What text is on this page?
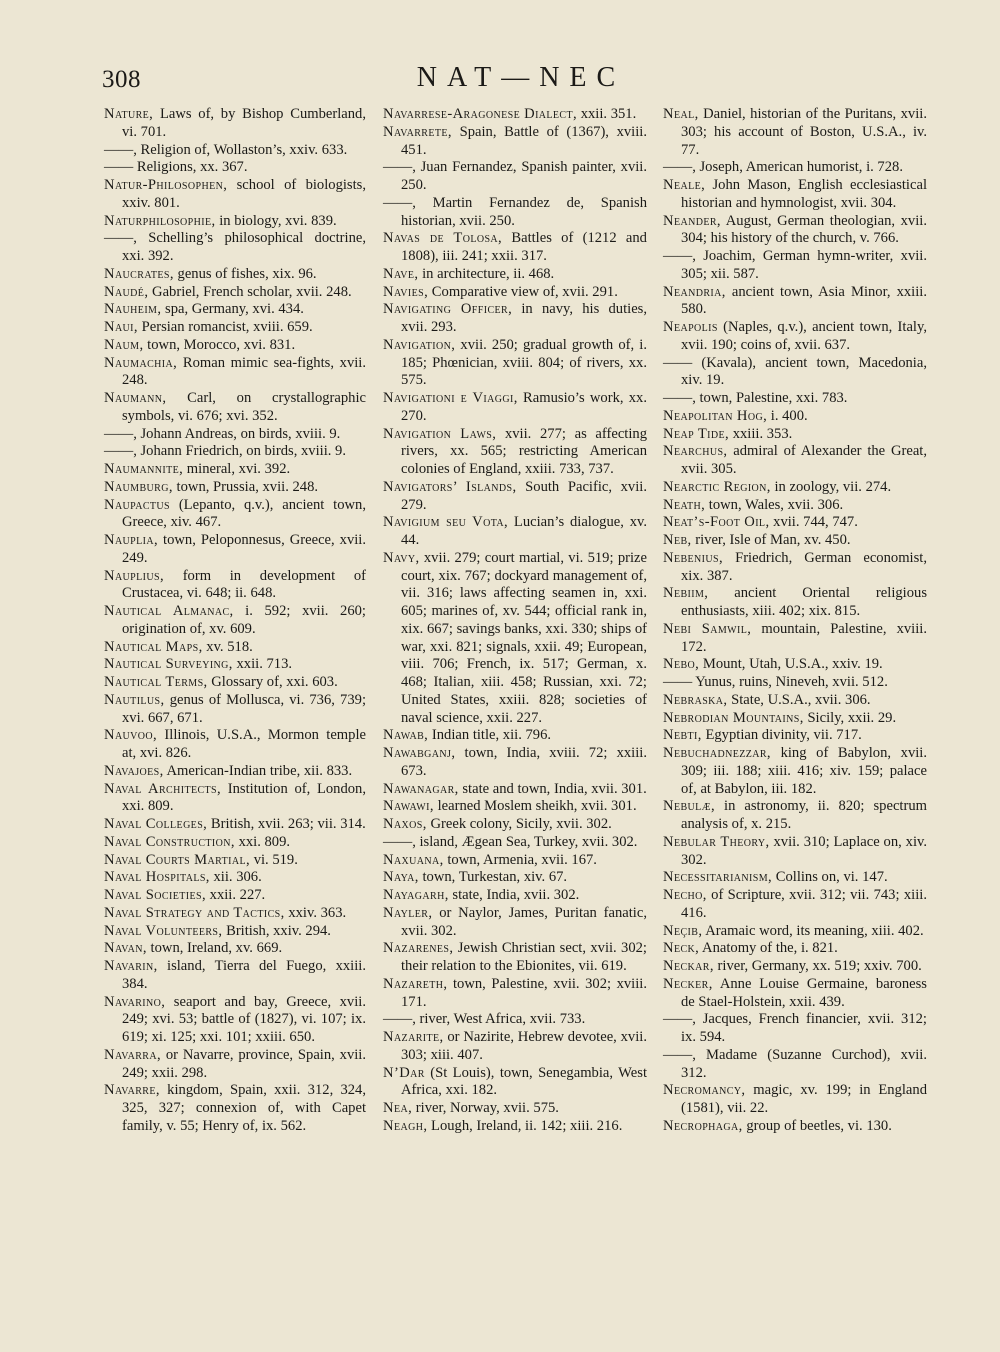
308	NAT—NEC

Nature, Laws of, by Bishop Cumberland, vi. 701.

——, Religion of, Wollaston’s, xxiv. 633.

—— Religions, xx. 367.

Natur-Philosophen, school of biologists, xxiv. 801.

Naturphilosophie, in biology, xvi. 839.

——, Schelling’s philosophical doctrine, xxi. 392.

Naucrates, genus of fishes, xix. 96.

Naudé, Gabriel, French scholar, xvii. 248.

Nauheim, spa, Germany, xvi. 434.

Naui, Persian romancist, xviii. 659.

Naum, town, Morocco, xvi. 831.

Naumachia, Roman mimic sea-fights, xvii. 248.

Naumann, Carl, on crystallographic symbols, vi. 676; xvi. 352.

——, Johann Andreas, on birds, xviii. 9.

——, Johann Friedrich, on birds, xviii. 9.

Naumannite, mineral, xvi. 392.

Naumburg, town, Prussia, xvii. 248.

Naupactus (Lepanto, q.v.), ancient town, Greece, xiv. 467.

Nauplia, town, Peloponnesus, Greece, xvii. 249.

Nauplius, form in development of Crustacea, vi. 648; ii. 648.

Nautical Almanac, i. 592; xvii. 260; origination of, xv. 609.

Nautical Maps, xv. 518.

Nautical Surveying, xxii. 713.

Nautical Terms, Glossary of, xxi. 603.

Nautilus, genus of Mollusca, vi. 736, 739; xvi. 667, 671.

Nauvoo, Illinois, U.S.A., Mormon temple at, xvi. 826.

Navajoes, American-Indian tribe, xii. 833.

Naval Architects, Institution of, London, xxi. 809.

Naval Colleges, British, xvii. 263; vii. 314.

Naval Construction, xxi. 809.

Naval Courts Martial, vi. 519.

Naval Hospitals, xii. 306.

Naval Societies, xxii. 227.

Naval Strategy and Tactics, xxiv. 363.

Naval Volunteers, British, xxiv. 294.

Navan, town, Ireland, xv. 669.

Navarin, island, Tierra del Fuego, xxiii. 384.

Navarino, seaport and bay, Greece, xvii. 249; xvi. 53; battle of (1827), vi. 107; ix. 619; xi. 125; xxi. 101; xxiii. 650.

Navarra, or Navarre, province, Spain, xvii. 249; xxii. 298.

Navarre, kingdom, Spain, xxii. 312, 324, 325, 327; connexion of, with Capet family, v. 55; Henry of, ix. 562.

Navarrese-Aragonese Dialect, xxii. 351.

Navarrete, Spain, Battle of (1367), xviii. 451.

——, Juan Fernandez, Spanish painter, xvii. 250.

——, Martin Fernandez de, Spanish historian, xvii. 250.

Navas de Tolosa, Battles of (1212 and 1808), iii. 241; xxii. 317.

Nave, in architecture, ii. 468.

Navies, Comparative view of, xvii. 291.

Navigating Officer, in navy, his duties, xvii. 293.

Navigation, xvii. 250; gradual growth of, i. 185; Phœnician, xviii. 804; of rivers, xx. 575.

Navigationi e Viaggi, Ramusio’s work, xx. 270.

Navigation Laws, xvii. 277; as affecting rivers, xx. 565; restricting American colonies of England, xxiii. 733, 737.

Navigators’ Islands, South Pacific, xvii. 279.

Navigium seu Vota, Lucian’s dialogue, xv. 44.

Navy, xvii. 279; court martial, vi. 519; prize court, xix. 767; dockyard management of, vii. 316; laws affecting seamen in, xxi. 605; marines of, xv. 544; official rank in, xix. 667; savings banks, xxi. 330; ships of war, xxi. 821; signals, xxii. 49; European, viii. 706; French, ix. 517; German, x. 468; Italian, xiii. 458; Russian, xxi. 72; United States, xxiii. 828; societies of naval science, xxii. 227.

Nawab, Indian title, xii. 796.

Nawabganj, town, India, xviii. 72; xxiii. 673.

Nawanagar, state and town, India, xvii. 301.

Nawawi, learned Moslem sheikh, xvii. 301.

Naxos, Greek colony, Sicily, xvii. 302.

——, island, Ægean Sea, Turkey, xvii. 302.

Naxuana, town, Armenia, xvii. 167.

Naya, town, Turkestan, xiv. 67.

Nayagarh, state, India, xvii. 302.

Nayler, or Naylor, James, Puritan fanatic, xvii. 302.

Nazarenes, Jewish Christian sect, xvii. 302; their relation to the Ebionites, vii. 619.

Nazareth, town, Palestine, xvii. 302; xviii. 171.

——, river, West Africa, xvii. 733.

Nazarite, or Nazirite, Hebrew devotee, xvii. 303; xiii. 407.

N’Dar (St Louis), town, Senegambia, West Africa, xxi. 182.

Nea, river, Norway, xvii. 575.

Neagh, Lough, Ireland, ii. 142; xiii. 216.

Neal, Daniel, historian of the Puritans, xvii. 303; his account of Boston, U.S.A., iv. 77.

——, Joseph, American humorist, i. 728.

Neale, John Mason, English ecclesiastical historian and hymnologist, xvii. 304.

Neander, August, German theologian, xvii. 304; his history of the church, v. 766.

——, Joachim, German hymn-writer, xvii. 305; xii. 587.

Neandria, ancient town, Asia Minor, xxiii. 580.

Neapolis (Naples, q.v.), ancient town, Italy, xvii. 190; coins of, xvii. 637.

—— (Kavala), ancient town, Macedonia, xiv. 19.

——, town, Palestine, xxi. 783.

Neapolitan Hog, i. 400.

Neap Tide, xxiii. 353.

Nearchus, admiral of Alexander the Great, xvii. 305.

Nearctic Region, in zoology, vii. 274.

Neath, town, Wales, xvii. 306.

Neat’s-Foot Oil, xvii. 744, 747.

Neb, river, Isle of Man, xv. 450.

Nebenius, Friedrich, German economist, xix. 387.

Nebiim, ancient Oriental religious enthusiasts, xiii. 402; xix. 815.

Nebi Samwil, mountain, Palestine, xviii. 172.

Nebo, Mount, Utah, U.S.A., xxiv. 19.

—— Yunus, ruins, Nineveh, xvii. 512.

Nebraska, State, U.S.A., xvii. 306.

Nebrodian Mountains, Sicily, xxii. 29.

Nebti, Egyptian divinity, vii. 717.

Nebuchadnezzar, king of Babylon, xvii. 309; iii. 188; xiii. 416; xiv. 159; palace of, at Babylon, iii. 182.

Nebulæ, in astronomy, ii. 820; spectrum analysis of, x. 215.

Nebular Theory, xvii. 310; Laplace on, xiv. 302.

Necessitarianism, Collins on, vi. 147.

Necho, of Scripture, xvii. 312; vii. 743; xiii. 416.

Neçib, Aramaic word, its meaning, xiii. 402.

Neck, Anatomy of the, i. 821.

Neckar, river, Germany, xx. 519; xxiv. 700.

Necker, Anne Louise Germaine, baroness de Stael-Holstein, xxii. 439.

——, Jacques, French financier, xvii. 312; ix. 594.

——, Madame (Suzanne Curchod), xvii. 312.

Necromancy, magic, xv. 199; in England (1581), vii. 22.

Necrophaga, group of beetles, vi. 130.
